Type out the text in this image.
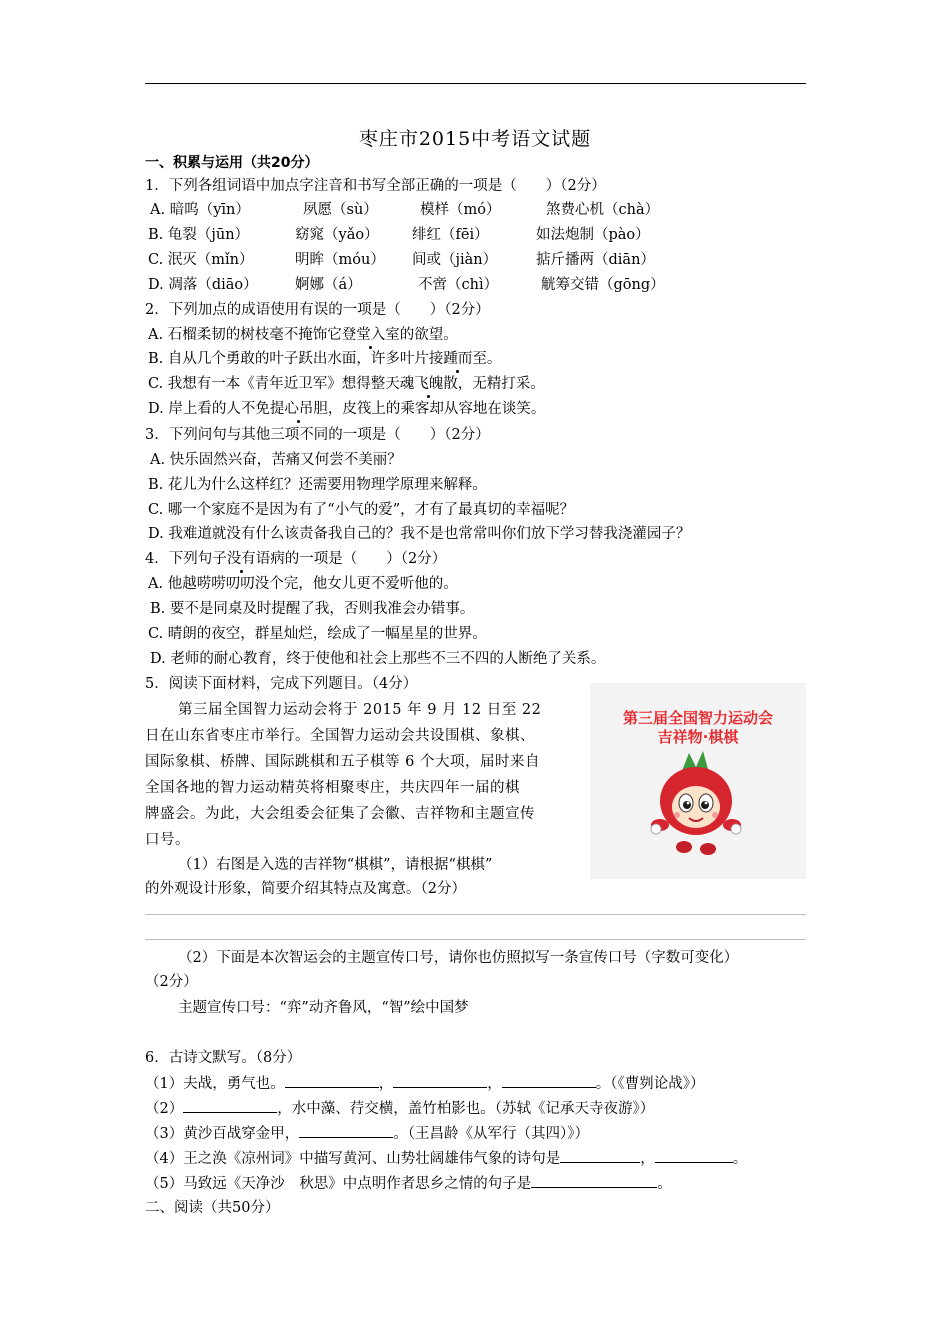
枣庄市2015中考语文试题
一、积累与运用（共20分）
1．下列各组词语中加点字注音和书写全部正确的一项是（　　）（2分）
A. 暗呜（yīn）	夙愿（sù）	模样（mó）	煞费心机（chà）
B. 龟裂（jūn）	窈窕（yǎo） 绯红（fēi）	如法炮制（pào）
C. 泯灭（mǐn）	明眸（móu） 间或（jiàn）	掂斤播两（diān）
D. 凋落（diāo）	婀娜（á）	不啻（chì）	觥筹交错（gōng）
2．下列加点的成语使用有误的一项是（　　）（2分）
A. 石榴柔韧的树枝毫不掩饰它登堂入室的欲望。
B. 自从几个勇敢的叶子跃出水面，许多叶片接踵而至。
C. 我想有一本《青年近卫军》想得整天魂飞魄散，无精打采。
D. 岸上看的人不免提心吊胆，皮筏上的乘客却从容地在谈笑。
3．下列问句与其他三项不同的一项是（　　）（2分）
A. 快乐固然兴奋，苦痛又何尝不美丽？
B. 花儿为什么这样红？还需要用物理学原理来解释。
C. 哪一个家庭不是因为有了“小气的爱”，才有了最真切的幸福呢？
D. 我难道就没有什么该责备我自己的？我不是也常常叫你们放下学习替我浇灌园子？
4．下列句子没有语病的一项是（　　）（2分）
A. 他越唠唠叨叨没个完，他女儿更不爱听他的。
B. 要不是同桌及时提醒了我，否则我准会办错事。
C. 晴朗的夜空，群星灿烂，绘成了一幅星星的世界。
D. 老师的耐心教育，终于使他和社会上那些不三不四的人断绝了关系。
5．阅读下面材料，完成下列题目。（4分）
第三届全国智力运动会将于 2015 年 9 月 12 日至 22
日在山东省枣庄市举行。全国智力运动会共设围棋、象棋、
国际象棋、桥牌、国际跳棋和五子棋等 6 个大项，届时来自
全国各地的智力运动精英将相聚枣庄，共庆四年一届的棋
牌盛会。为此，大会组委会征集了会徽、吉祥物和主题宣传
口号。
（1）右图是入选的吉祥物“棋棋”，请根据“棋棋”
的外观设计形象，简要介绍其特点及寓意。（2分）
第三届全国智力运动会
吉祥物·棋棋
（2）下面是本次智运会的主题宣传口号，请你也仿照拟写一条宣传口号（字数可变化）
（2分）
主题宣传口号：“弈”动齐鲁风，“智”绘中国梦
6．古诗文默写。（8分）
（1）夫战，勇气也。	，	，	。（《曹刿论战》）
（2）	，水中藻、荇交横，盖竹柏影也。（苏轼《记承天寺夜游》）
（3）黄沙百战穿金甲，	。（王昌龄《从军行（其四）》）
（4）王之涣《凉州词》中描写黄河、山势壮阔雄伟气象的诗句是	，	。
（5）马致远《天净沙　秋思》中点明作者思乡之情的句子是	。
二、阅读（共50分）
